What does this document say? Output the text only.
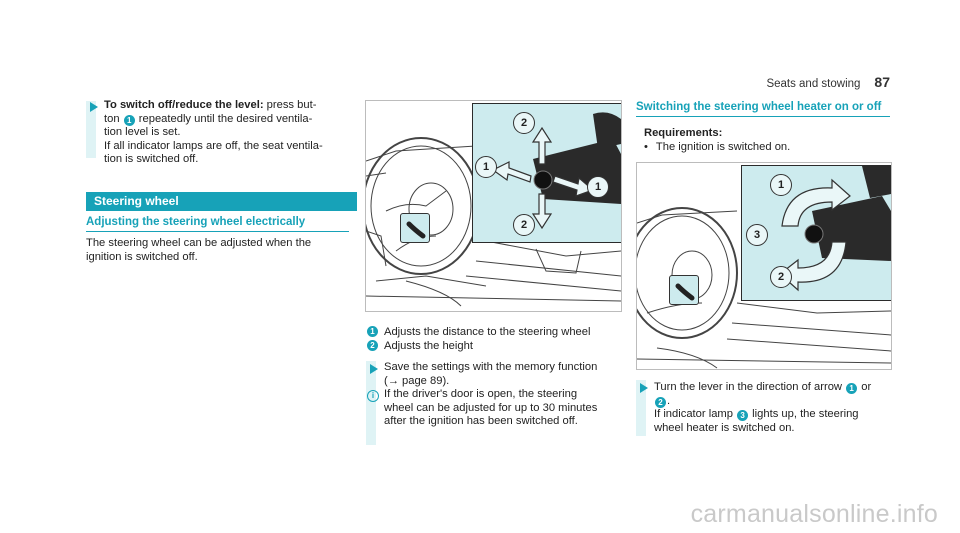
Seats and stowing 87
To switch off/reduce the level: press but-
ton 1 repeatedly until the desired ventila-
tion level is set.
If all indicator lamps are off, the seat ventila-
tion is switched off.
Steering wheel
Adjusting the steering wheel electrically
The steering wheel can be adjusted when the
ignition is switched off.
2
1
1
2
1 Adjusts the distance to the steering wheel
2 Adjusts the height
Save the settings with the memory function
(→ page 89).
i If the driver's door is open, the steering
wheel can be adjusted for up to 30 minutes
after the ignition has been switched off.
Switching the steering wheel heater on or off
Requirements:
• The ignition is switched on.
1
3
2
Turn the lever in the direction of arrow 1 or
2 .
If indicator lamp 3 lights up, the steering
wheel heater is switched on.
carmanualsonline.info
